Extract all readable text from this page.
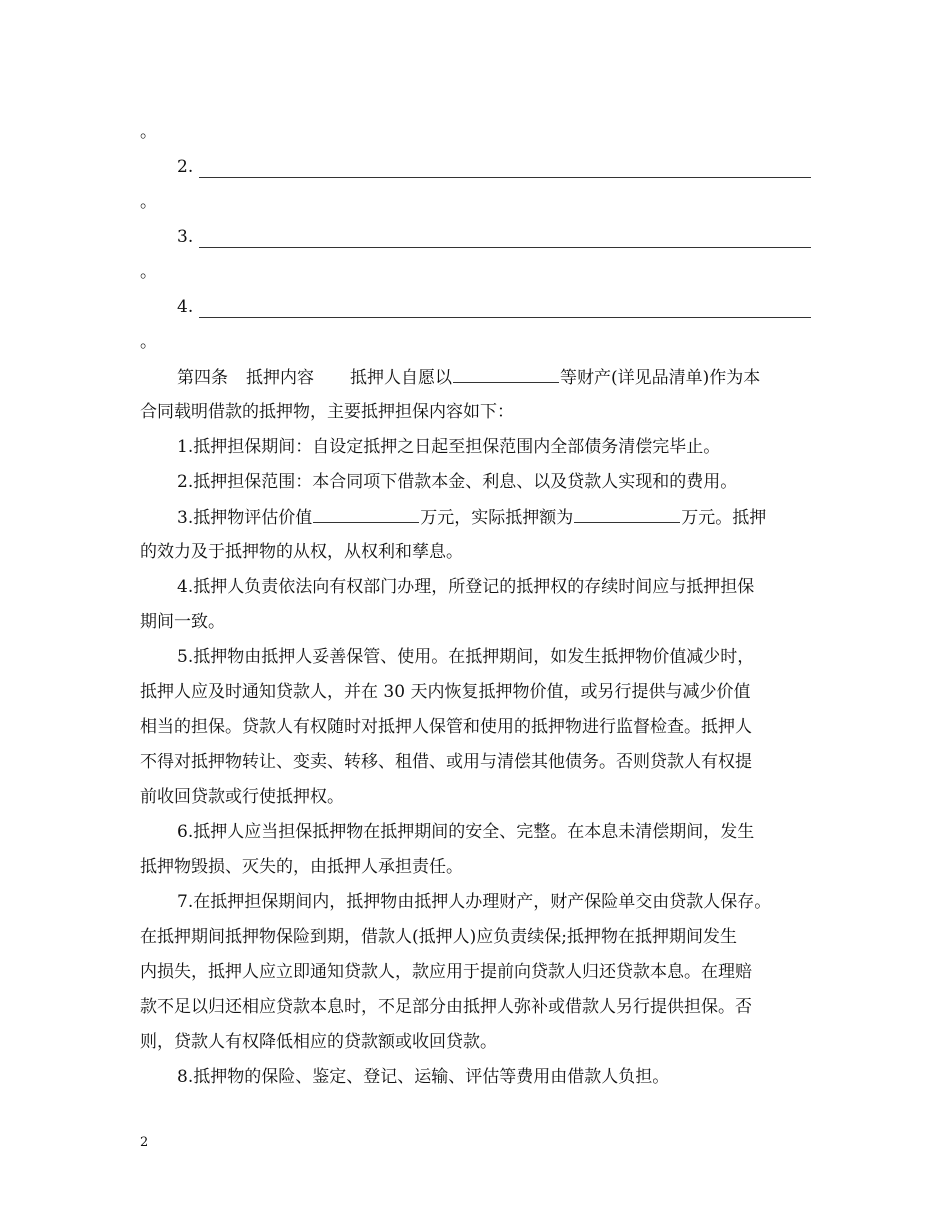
。
2.
。
3.
。
4.
。
第四条 抵押内容 抵押人自愿以	等财产(详见品清单)作为本
合同载明借款的抵押物，主要抵押担保内容如下：
1.抵押担保期间：自设定抵押之日起至担保范围内全部债务清偿完毕止。
2.抵押担保范围：本合同项下借款本金、利息、以及贷款人实现和的费用。
3.抵押物评估价值	万元，实际抵押额为	万元。抵押
的效力及于抵押物的从权，从权利和孳息。
4.抵押人负责依法向有权部门办理，所登记的抵押权的存续时间应与抵押担保
期间一致。
5.抵押物由抵押人妥善保管、使用。在抵押期间，如发生抵押物价值减少时，
抵押人应及时通知贷款人，并在 30 天内恢复抵押物价值，或另行提供与减少价值
相当的担保。贷款人有权随时对抵押人保管和使用的抵押物进行监督检查。抵押人
不得对抵押物转让、变卖、转移、租借、或用与清偿其他债务。否则贷款人有权提
前收回贷款或行使抵押权。
6.抵押人应当担保抵押物在抵押期间的安全、完整。在本息未清偿期间，发生
抵押物毁损、灭失的，由抵押人承担责任。
7.在抵押担保期间内，抵押物由抵押人办理财产，财产保险单交由贷款人保存。
在抵押期间抵押物保险到期，借款人(抵押人)应负责续保;抵押物在抵押期间发生
内损失，抵押人应立即通知贷款人，款应用于提前向贷款人归还贷款本息。在理赔
款不足以归还相应贷款本息时，不足部分由抵押人弥补或借款人另行提供担保。否
则，贷款人有权降低相应的贷款额或收回贷款。
8.抵押物的保险、鉴定、登记、运输、评估等费用由借款人负担。
2
